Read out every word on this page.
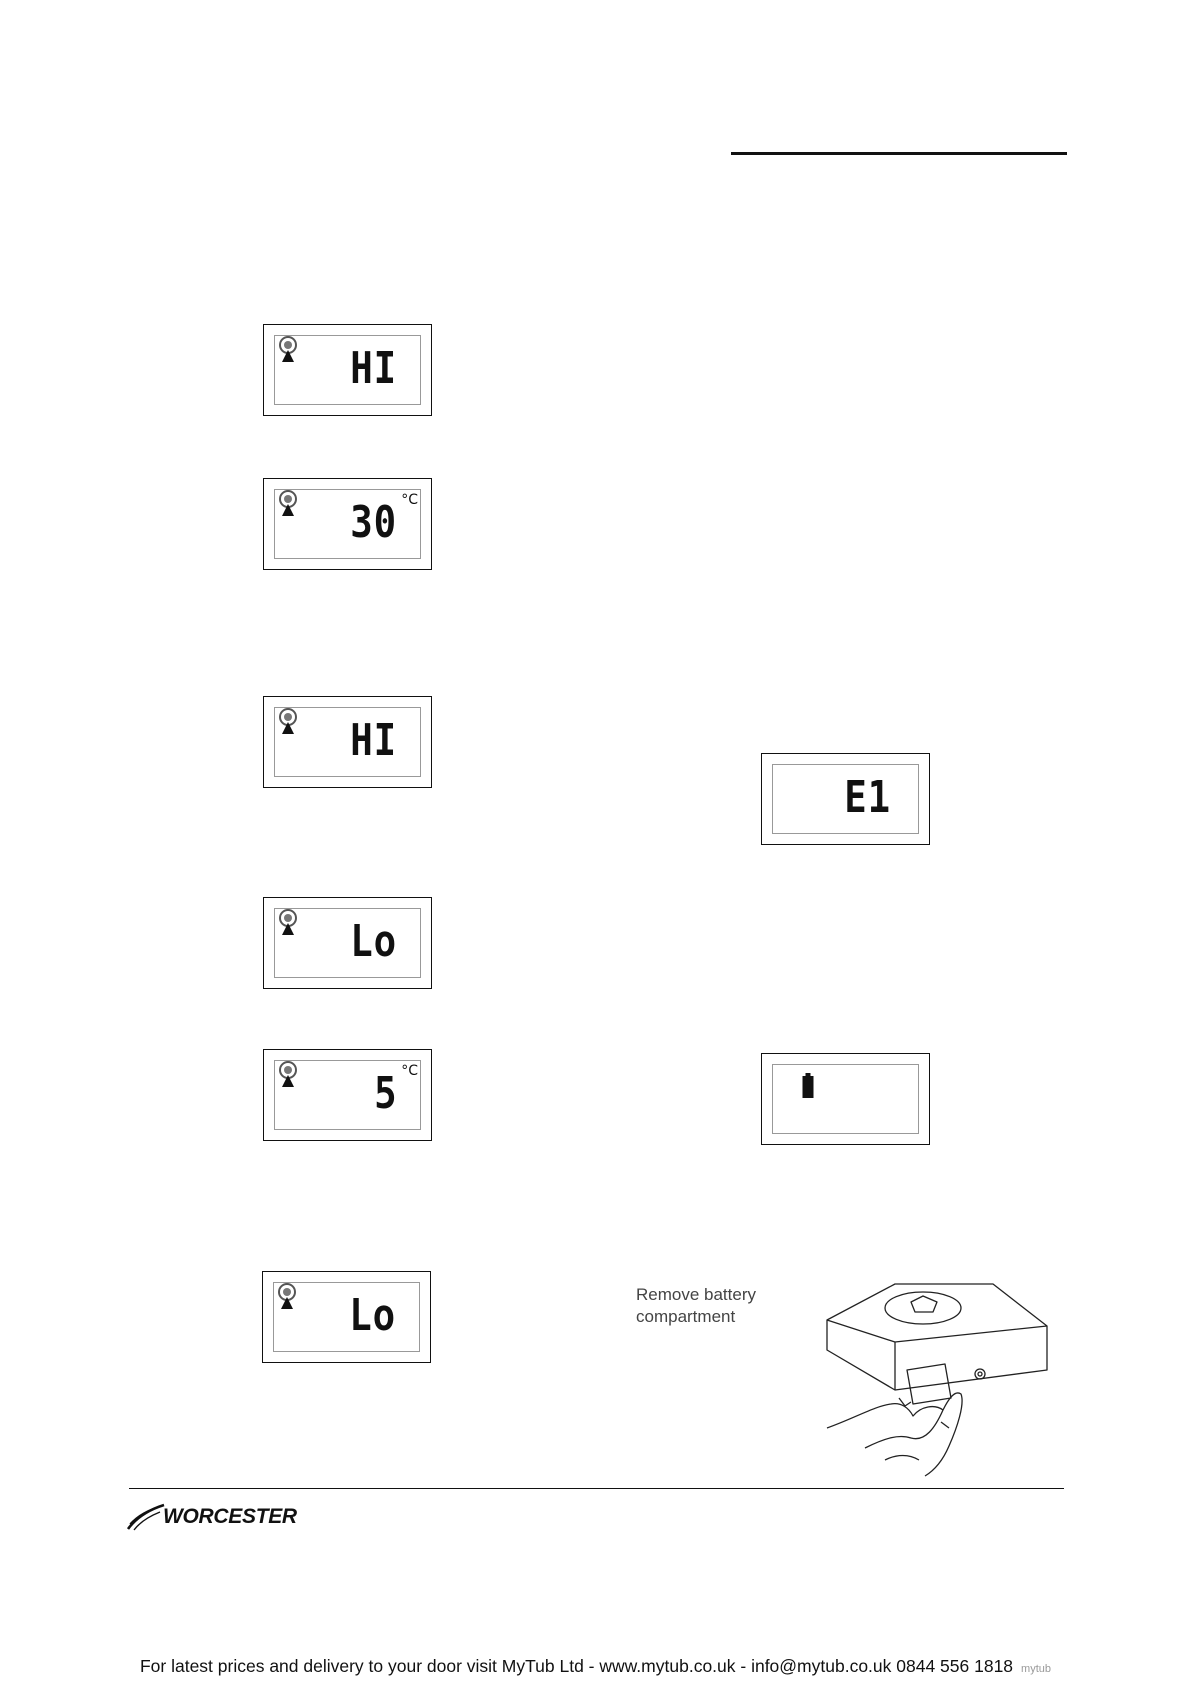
HI
30 °C
HI
E1
Lo
5 °C
Lo	Remove battery
compartment
WORCESTER
For latest prices and delivery to your door visit MyTub Ltd - www.mytub.co.uk - info@mytub.co.uk 0844 556 1818 mytub
